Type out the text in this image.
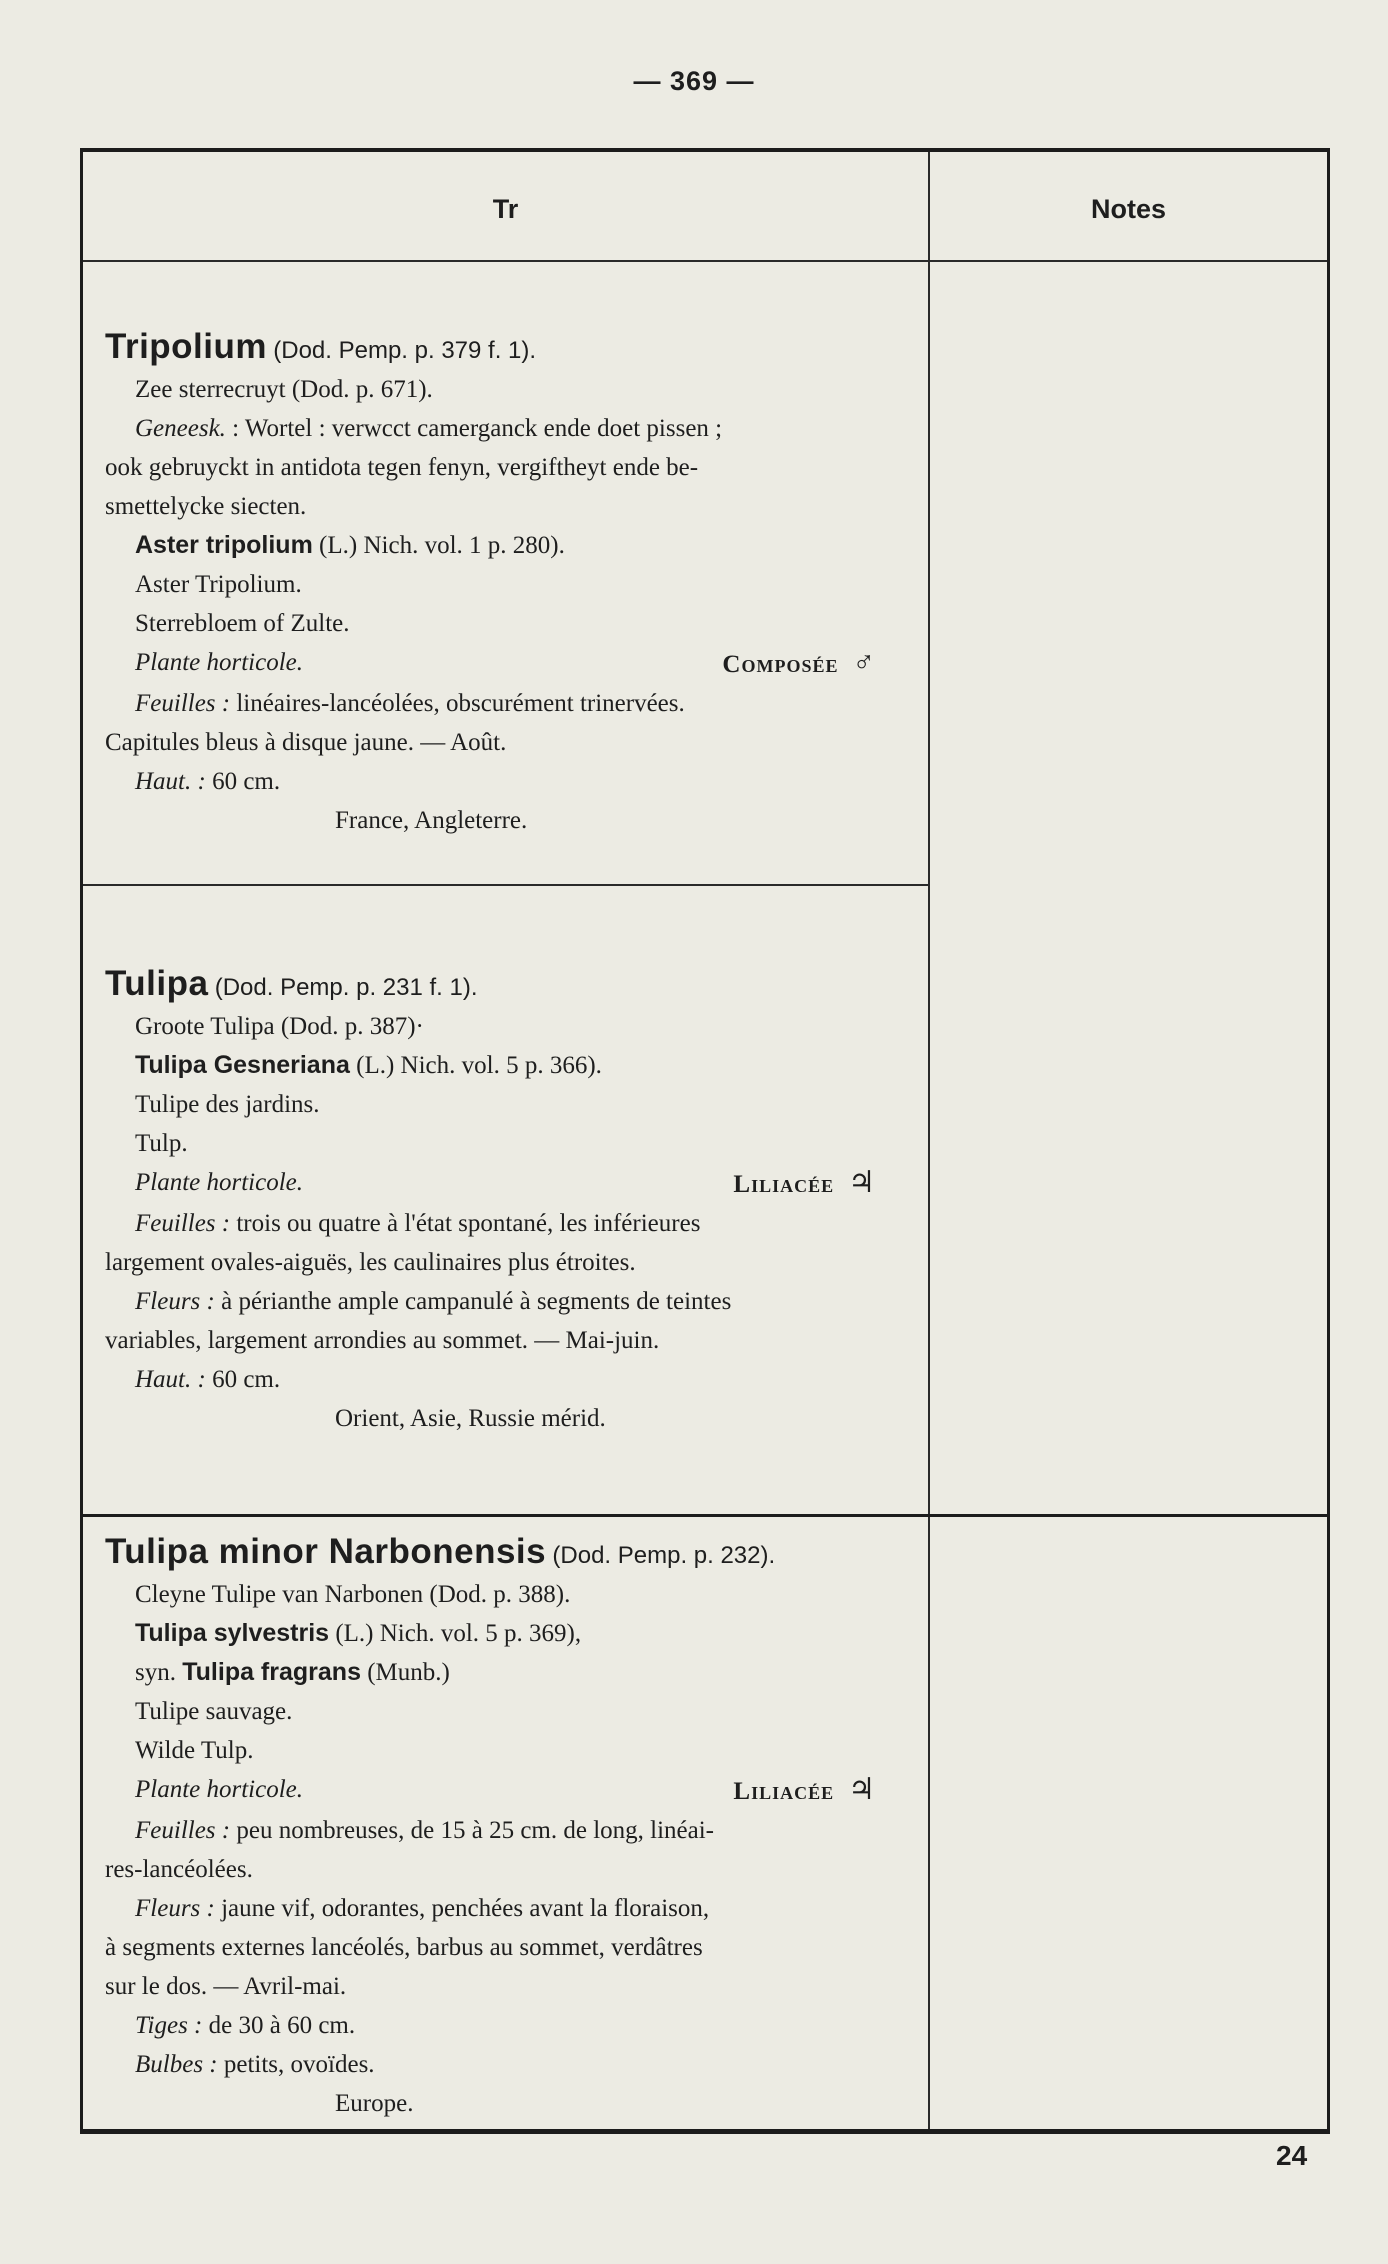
— 369 —
Tr	Notes
Tripolium (Dod. Pemp. p. 379 f. 1).
Zee sterrecruyt (Dod. p. 671).
Geneesk. : Wortel : verwcct camerganck ende doet pissen ;
ook gebruyckt in antidota tegen fenyn, vergiftheyt ende be-
smettelycke siecten.
Aster tripolium (L.) Nich. vol. 1 p. 280).
Aster Tripolium.
Sterrebloem of Zulte.
Plante horticole.	Composée ♂
Feuilles : linéaires-lancéolées, obscurément trinervées.
Capitules bleus à disque jaune. — Août.
Haut. : 60 cm.
France, Angleterre.
Tulipa (Dod. Pemp. p. 231 f. 1).
Groote Tulipa (Dod. p. 387)·
Tulipa Gesneriana (L.) Nich. vol. 5 p. 366).
Tulipe des jardins.
Tulp.
Plante horticole.	Liliacée ♃
Feuilles : trois ou quatre à l'état spontané, les inférieures
largement ovales-aiguës, les caulinaires plus étroites.
Fleurs : à périanthe ample campanulé à segments de teintes
variables, largement arrondies au sommet. — Mai-juin.
Haut. : 60 cm.
Orient, Asie, Russie mérid.
Tulipa minor Narbonensis (Dod. Pemp. p. 232).
Cleyne Tulipe van Narbonen (Dod. p. 388).
Tulipa sylvestris (L.) Nich. vol. 5 p. 369),
syn. Tulipa fragrans (Munb.)
Tulipe sauvage.
Wilde Tulp.
Plante horticole.	Liliacée ♃
Feuilles : peu nombreuses, de 15 à 25 cm. de long, linéai-
res-lancéolées.
Fleurs : jaune vif, odorantes, penchées avant la floraison,
à segments externes lancéolés, barbus au sommet, verdâtres
sur le dos. — Avril-mai.
Tiges : de 30 à 60 cm.
Bulbes : petits, ovoïdes.
Europe.
24
